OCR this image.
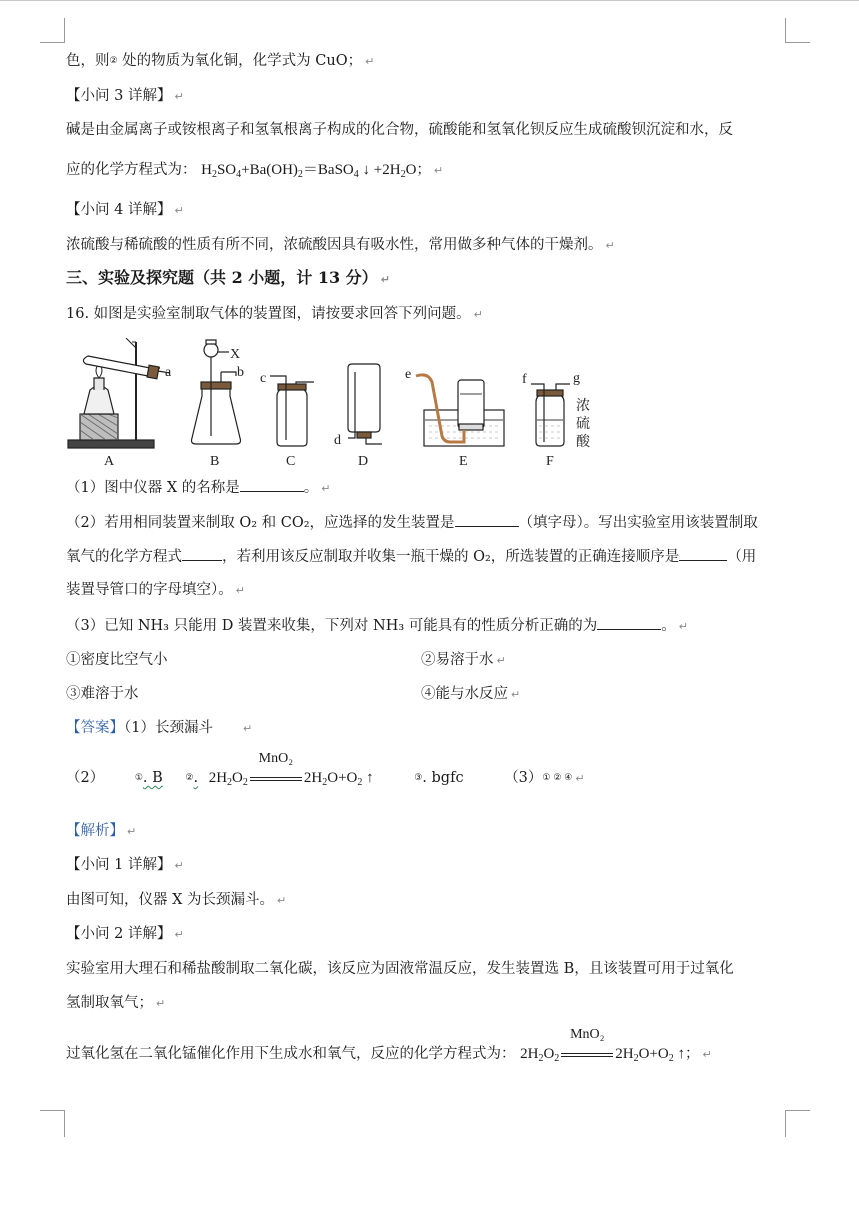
色，则② 处的物质为氧化铜，化学式为 CuO； ↵
【小问 3 详解】 ↵
碱是由金属离子或铵根离子和氢氧根离子构成的化合物，硫酸能和氢氧化钡反应生成硫酸钡沉淀和水，反
应的化学方程式为： $H_2SO_4+Ba(OH)_2=BaSO_4$ ↓ $+2H_2O$； ↵
【小问 4 详解】 ↵
浓硫酸与稀硫酸的性质有所不同，浓硫酸因具有吸水性，常用做多种气体的干燥剂。 ↵
三、实验及探究题（共 2 小题，计 13 分） ↵
16. 如图是实验室制取气体的装置图，请按要求回答下列问题。 ↵
a
A
X
b
B
c
C
d
D
e
E
f	g
浓
硫
酸
F
（1）图中仪器 X 的名称是	。 ↵
（2）若用相同装置来制取 O₂ 和 CO₂，应选择的发生装置是	（填字母）。写出实验室用该装置制取
氧气的化学方程式	，若利用该反应制取并收集一瓶干燥的 O₂，所选装置的正确连接顺序是	（用
装置导管口的字母填空）。 ↵
（3）已知 NH₃ 只能用 D 装置来收集，下列对 NH₃ 可能具有的性质分析正确的为	。 ↵
①密度比空气小	②易溶于水 ↵
③难溶于水	④能与水反应 ↵
【答案】（1）长颈漏斗	↵
（2）	①. B	②. $2H_2O_2$
MnO₂
$2H_2O+O_2$ ↑	③. bgfc	（3）① ② ④ ↵
【解析】 ↵
【小问 1 详解】 ↵
由图可知，仪器 X 为长颈漏斗。 ↵
【小问 2 详解】 ↵
实验室用大理石和稀盐酸制取二氧化碳，该反应为固液常温反应，发生装置选 B，且该装置可用于过氧化
氢制取氧气； ↵
过氧化氢在二氧化锰催化作用下生成水和氧气，反应的化学方程式为： $2H_2O_2$
MnO₂
$2H_2O+O_2$ ↑； ↵
